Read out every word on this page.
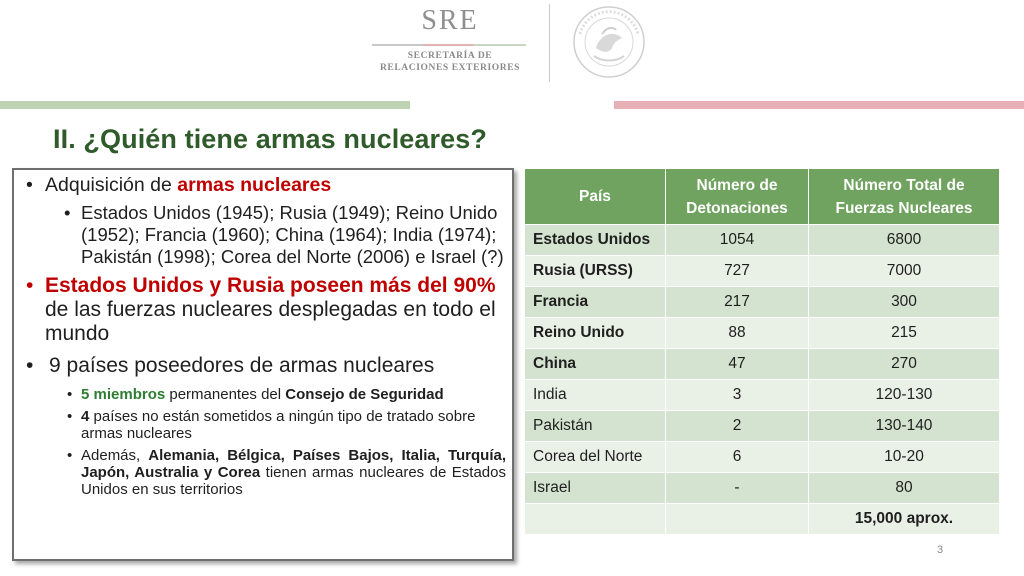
SRE
SECRETARÍA DE
RELACIONES EXTERIORES
II. ¿Quién tiene armas nucleares?
• Adquisición de armas nucleares
• Estados Unidos (1945); Rusia (1949); Reino Unido (1952); Francia (1960); China (1964); India (1974); Pakistán (1998); Corea del Norte (2006) e Israel (?)
• Estados Unidos y Rusia poseen más del 90% de las fuerzas nucleares desplegadas en todo el mundo
• 9 países poseedores de armas nucleares
• 5 miembros permanentes del Consejo de Seguridad
• 4 países no están sometidos a ningún tipo de tratado sobre armas nucleares
• Además, Alemania, Bélgica, Países Bajos, Italia, Turquía, Japón, Australia y Corea tienen armas nucleares de Estados Unidos en sus territorios
País	Número de Detonaciones	Número Total de Fuerzas Nucleares
Estados Unidos	1054	6800
Rusia (URSS)	727	7000
Francia	217	300
Reino Unido	88	215
China	47	270
India	3	120-130
Pakistán	2	130-140
Corea del Norte	6	10-20
Israel	-	80
		15,000 aprox.
3
